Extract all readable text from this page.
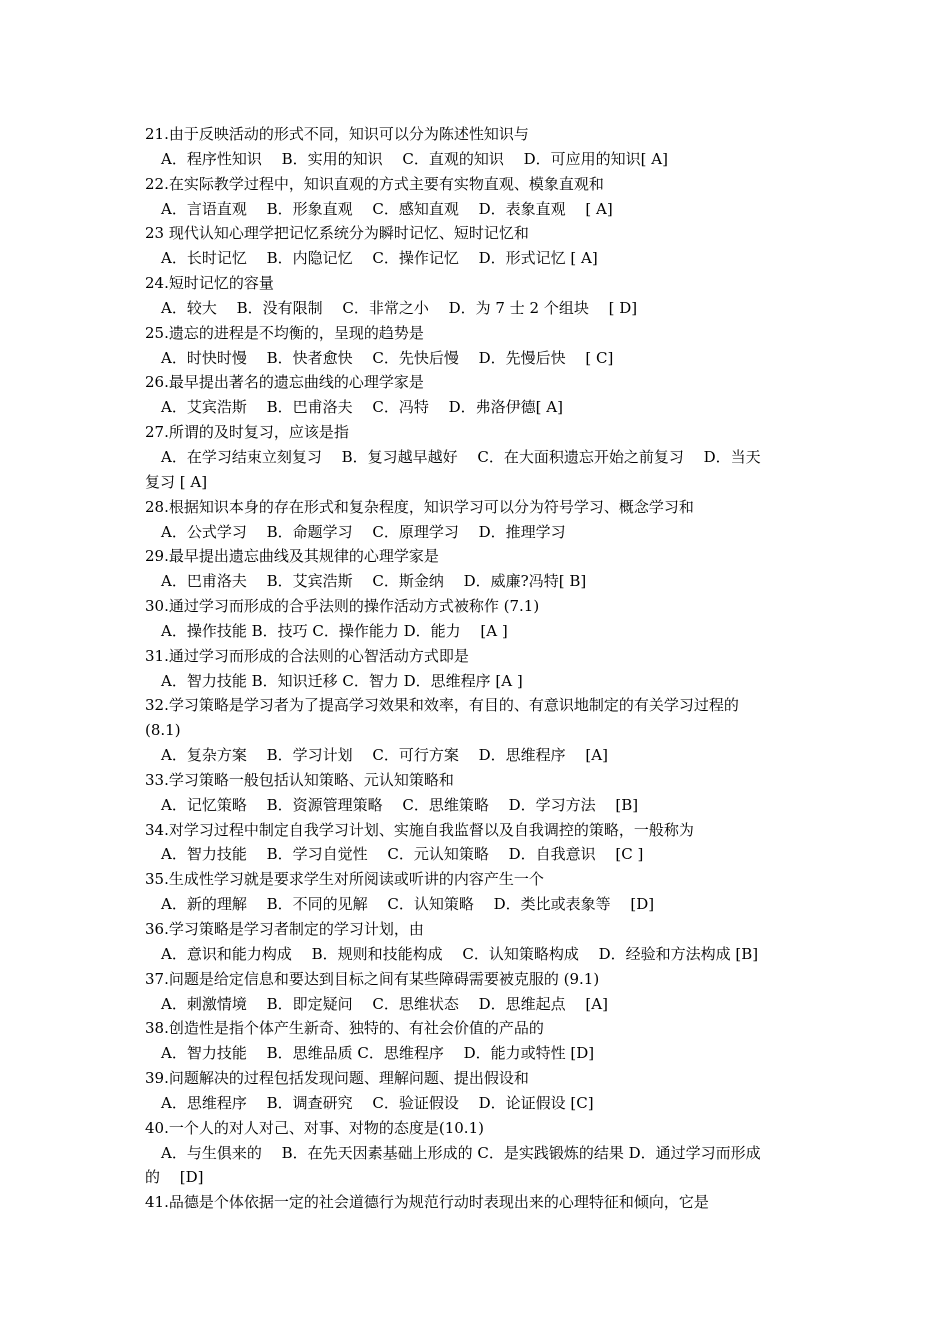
21.由于反映活动的形式不同，知识可以分为陈述性知识与
A．程序性知识　 B．实用的知识　 C．直观的知识　 D．可应用的知识[ A]
22.在实际教学过程中，知识直观的方式主要有实物直观、模象直观和
A．言语直观　 B．形象直观　 C．感知直观　 D．表象直观　 [ A]
23 现代认知心理学把记忆系统分为瞬时记忆、短时记忆和
A．长时记忆　 B．内隐记忆　 C．操作记忆　 D．形式记忆 [ A]
24.短时记忆的容量
A．较大　 B．没有限制　 C．非常之小　 D．为 7 士 2 个组块　 [ D]
25.遗忘的进程是不均衡的，呈现的趋势是
A．时快时慢　 B．快者愈快　 C．先快后慢　 D．先慢后快　 [ C]
26.最早提出著名的遗忘曲线的心理学家是
A．艾宾浩斯　 B．巴甫洛夫　 C．冯特　 D．弗洛伊德[ A]
27.所谓的及时复习，应该是指
A．在学习结束立刻复习　 B．复习越早越好　 C．在大面积遗忘开始之前复习　 D．当天
复习 [ A]
28.根据知识本身的存在形式和复杂程度，知识学习可以分为符号学习、概念学习和
A．公式学习　 B．命题学习　 C．原理学习　 D．推理学习
29.最早提出遗忘曲线及其规律的心理学家是
A．巴甫洛夫　 B．艾宾浩斯　 C．斯金纳　 D．威廉?冯特[ B]
30.通过学习而形成的合乎法则的操作活动方式被称作 (7.1)
A．操作技能 B．技巧 C．操作能力 D．能力　 [A ]
31.通过学习而形成的合法则的心智活动方式即是
A．智力技能 B．知识迁移 C．智力 D．思维程序 [A ]
32.学习策略是学习者为了提高学习效果和效率，有目的、有意识地制定的有关学习过程的
(8.1)
A．复杂方案　 B．学习计划　 C．可行方案　 D．思维程序　 [A]
33.学习策略一般包括认知策略、元认知策略和
A．记忆策略　 B．资源管理策略　 C．思维策略　 D．学习方法　 [B]
34.对学习过程中制定自我学习计划、实施自我监督以及自我调控的策略，一般称为
A．智力技能　 B．学习自觉性　 C．元认知策略　 D．自我意识　 [C ]
35.生成性学习就是要求学生对所阅读或听讲的内容产生一个
A．新的理解　 B．不同的见解　 C．认知策略　 D．类比或表象等　 [D]
36.学习策略是学习者制定的学习计划，由
A．意识和能力构成　 B．规则和技能构成　 C．认知策略构成　 D．经验和方法构成 [B]
37.问题是给定信息和要达到目标之间有某些障碍需要被克服的 (9.1)
A．刺激情境　 B．即定疑问　 C．思维状态　 D．思维起点　 [A]
38.创造性是指个体产生新奇、独特的、有社会价值的产品的
A．智力技能　 B．思维品质 C．思维程序　 D．能力或特性 [D]
39.问题解决的过程包括发现问题、理解问题、提出假设和
A．思维程序　 B．调查研究　 C．验证假设　 D．论证假设 [C]
40.一个人的对人对己、对事、对物的态度是(10.1)
A．与生俱来的　 B．在先天因素基础上形成的 C．是实践锻炼的结果 D．通过学习而形成
的　 [D]
41.品德是个体依据一定的社会道德行为规范行动时表现出来的心理特征和倾向，它是
